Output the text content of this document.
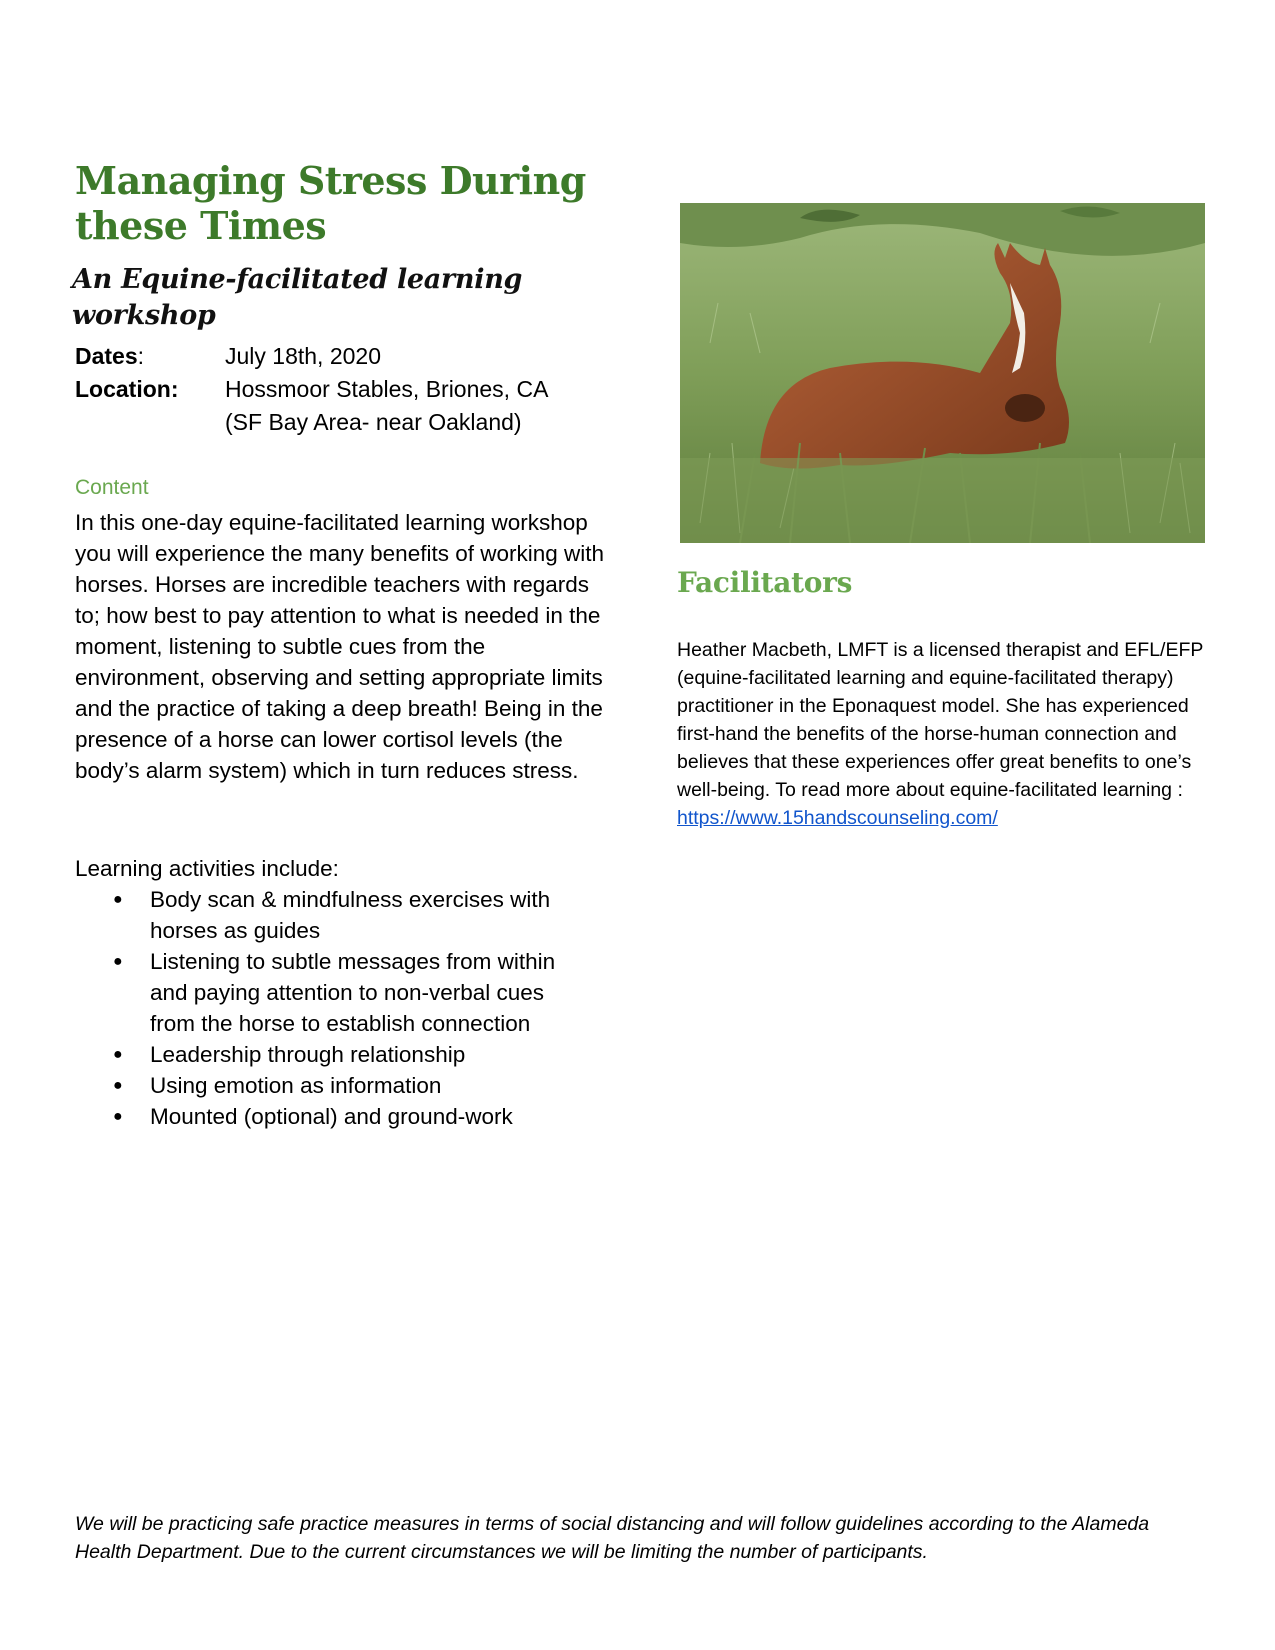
Managing Stress During these Times
An Equine-facilitated learning workshop
Dates:	July 18th, 2020
Location:	Hossmoor Stables, Briones, CA
(SF Bay Area- near Oakland)

Content

In this one-day equine-facilitated learning workshop you will experience the many benefits of working with horses. Horses are incredible teachers with regards to; how best to pay attention to what is needed in the moment, listening to subtle cues from the environment, observing and setting appropriate limits and the practice of taking a deep breath! Being in the presence of a horse can lower cortisol levels (the body’s alarm system) which in turn reduces stress.

Learning activities include:

● Body scan & mindfulness exercises with horses as guides
● Listening to subtle messages from within and paying attention to non-verbal cues from the horse to establish connection
● Leadership through relationship
● Using emotion as information
● Mounted (optional) and ground-work
Facilitators

Heather Macbeth, LMFT is a licensed therapist and EFL/EFP (equine-facilitated learning and equine-facilitated therapy) practitioner in the Eponaquest model. She has experienced first-hand the benefits of the horse-human connection and believes that these experiences offer great benefits to one’s well-being. To read more about equine-facilitated learning :
https://www.15handscounseling.com/

We will be practicing safe practice measures in terms of social distancing and will follow guidelines according to the Alameda Health Department. Due to the current circumstances we will be limiting the number of participants.
